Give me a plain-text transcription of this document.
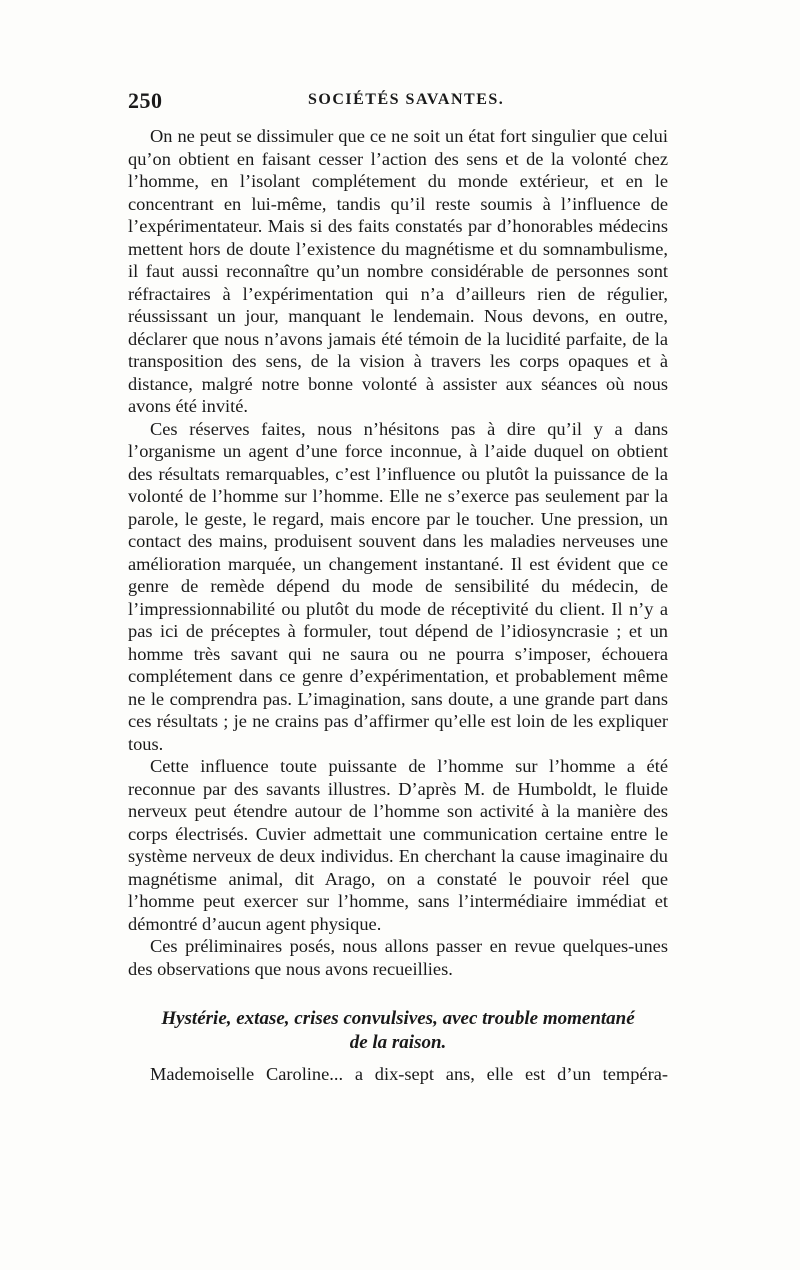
250	SOCIÉTÉS SAVANTES.

On ne peut se dissimuler que ce ne soit un état fort singulier que celui qu’on obtient en faisant cesser l’action des sens et de la volonté chez l’homme, en l’isolant complétement du monde extérieur, et en le concentrant en lui-même, tandis qu’il reste soumis à l’influence de l’expérimentateur. Mais si des faits constatés par d’honorables médecins mettent hors de doute l’existence du magnétisme et du somnambulisme, il faut aussi reconnaître qu’un nombre considérable de personnes sont réfractaires à l’expérimentation qui n’a d’ailleurs rien de régulier, réussissant un jour, manquant le lendemain. Nous devons, en outre, déclarer que nous n’avons jamais été témoin de la lucidité parfaite, de la transposition des sens, de la vision à travers les corps opaques et à distance, malgré notre bonne volonté à assister aux séances où nous avons été invité.

Ces réserves faites, nous n’hésitons pas à dire qu’il y a dans l’organisme un agent d’une force inconnue, à l’aide duquel on obtient des résultats remarquables, c’est l’influence ou plutôt la puissance de la volonté de l’homme sur l’homme. Elle ne s’exerce pas seulement par la parole, le geste, le regard, mais encore par le toucher. Une pression, un contact des mains, produisent souvent dans les maladies nerveuses une amélioration marquée, un changement instantané. Il est évident que ce genre de remède dépend du mode de sensibilité du médecin, de l’impressionnabilité ou plutôt du mode de réceptivité du client. Il n’y a pas ici de préceptes à formuler, tout dépend de l’idiosyncrasie ; et un homme très savant qui ne saura ou ne pourra s’imposer, échouera complétement dans ce genre d’expérimentation, et probablement même ne le comprendra pas. L’imagination, sans doute, a une grande part dans ces résultats ; je ne crains pas d’affirmer qu’elle est loin de les expliquer tous.

Cette influence toute puissante de l’homme sur l’homme a été reconnue par des savants illustres. D’après M. de Humboldt, le fluide nerveux peut étendre autour de l’homme son activité à la manière des corps électrisés. Cuvier admettait une communication certaine entre le système nerveux de deux individus. En cherchant la cause imaginaire du magnétisme animal, dit Arago, on a constaté le pouvoir réel que l’homme peut exercer sur l’homme, sans l’intermédiaire immédiat et démontré d’aucun agent physique.

Ces préliminaires posés, nous allons passer en revue quelques-unes des observations que nous avons recueillies.

Hystérie, extase, crises convulsives, avec trouble momentané
de la raison.
Mademoiselle Caroline... a dix-sept ans, elle est d’un tempéra-
